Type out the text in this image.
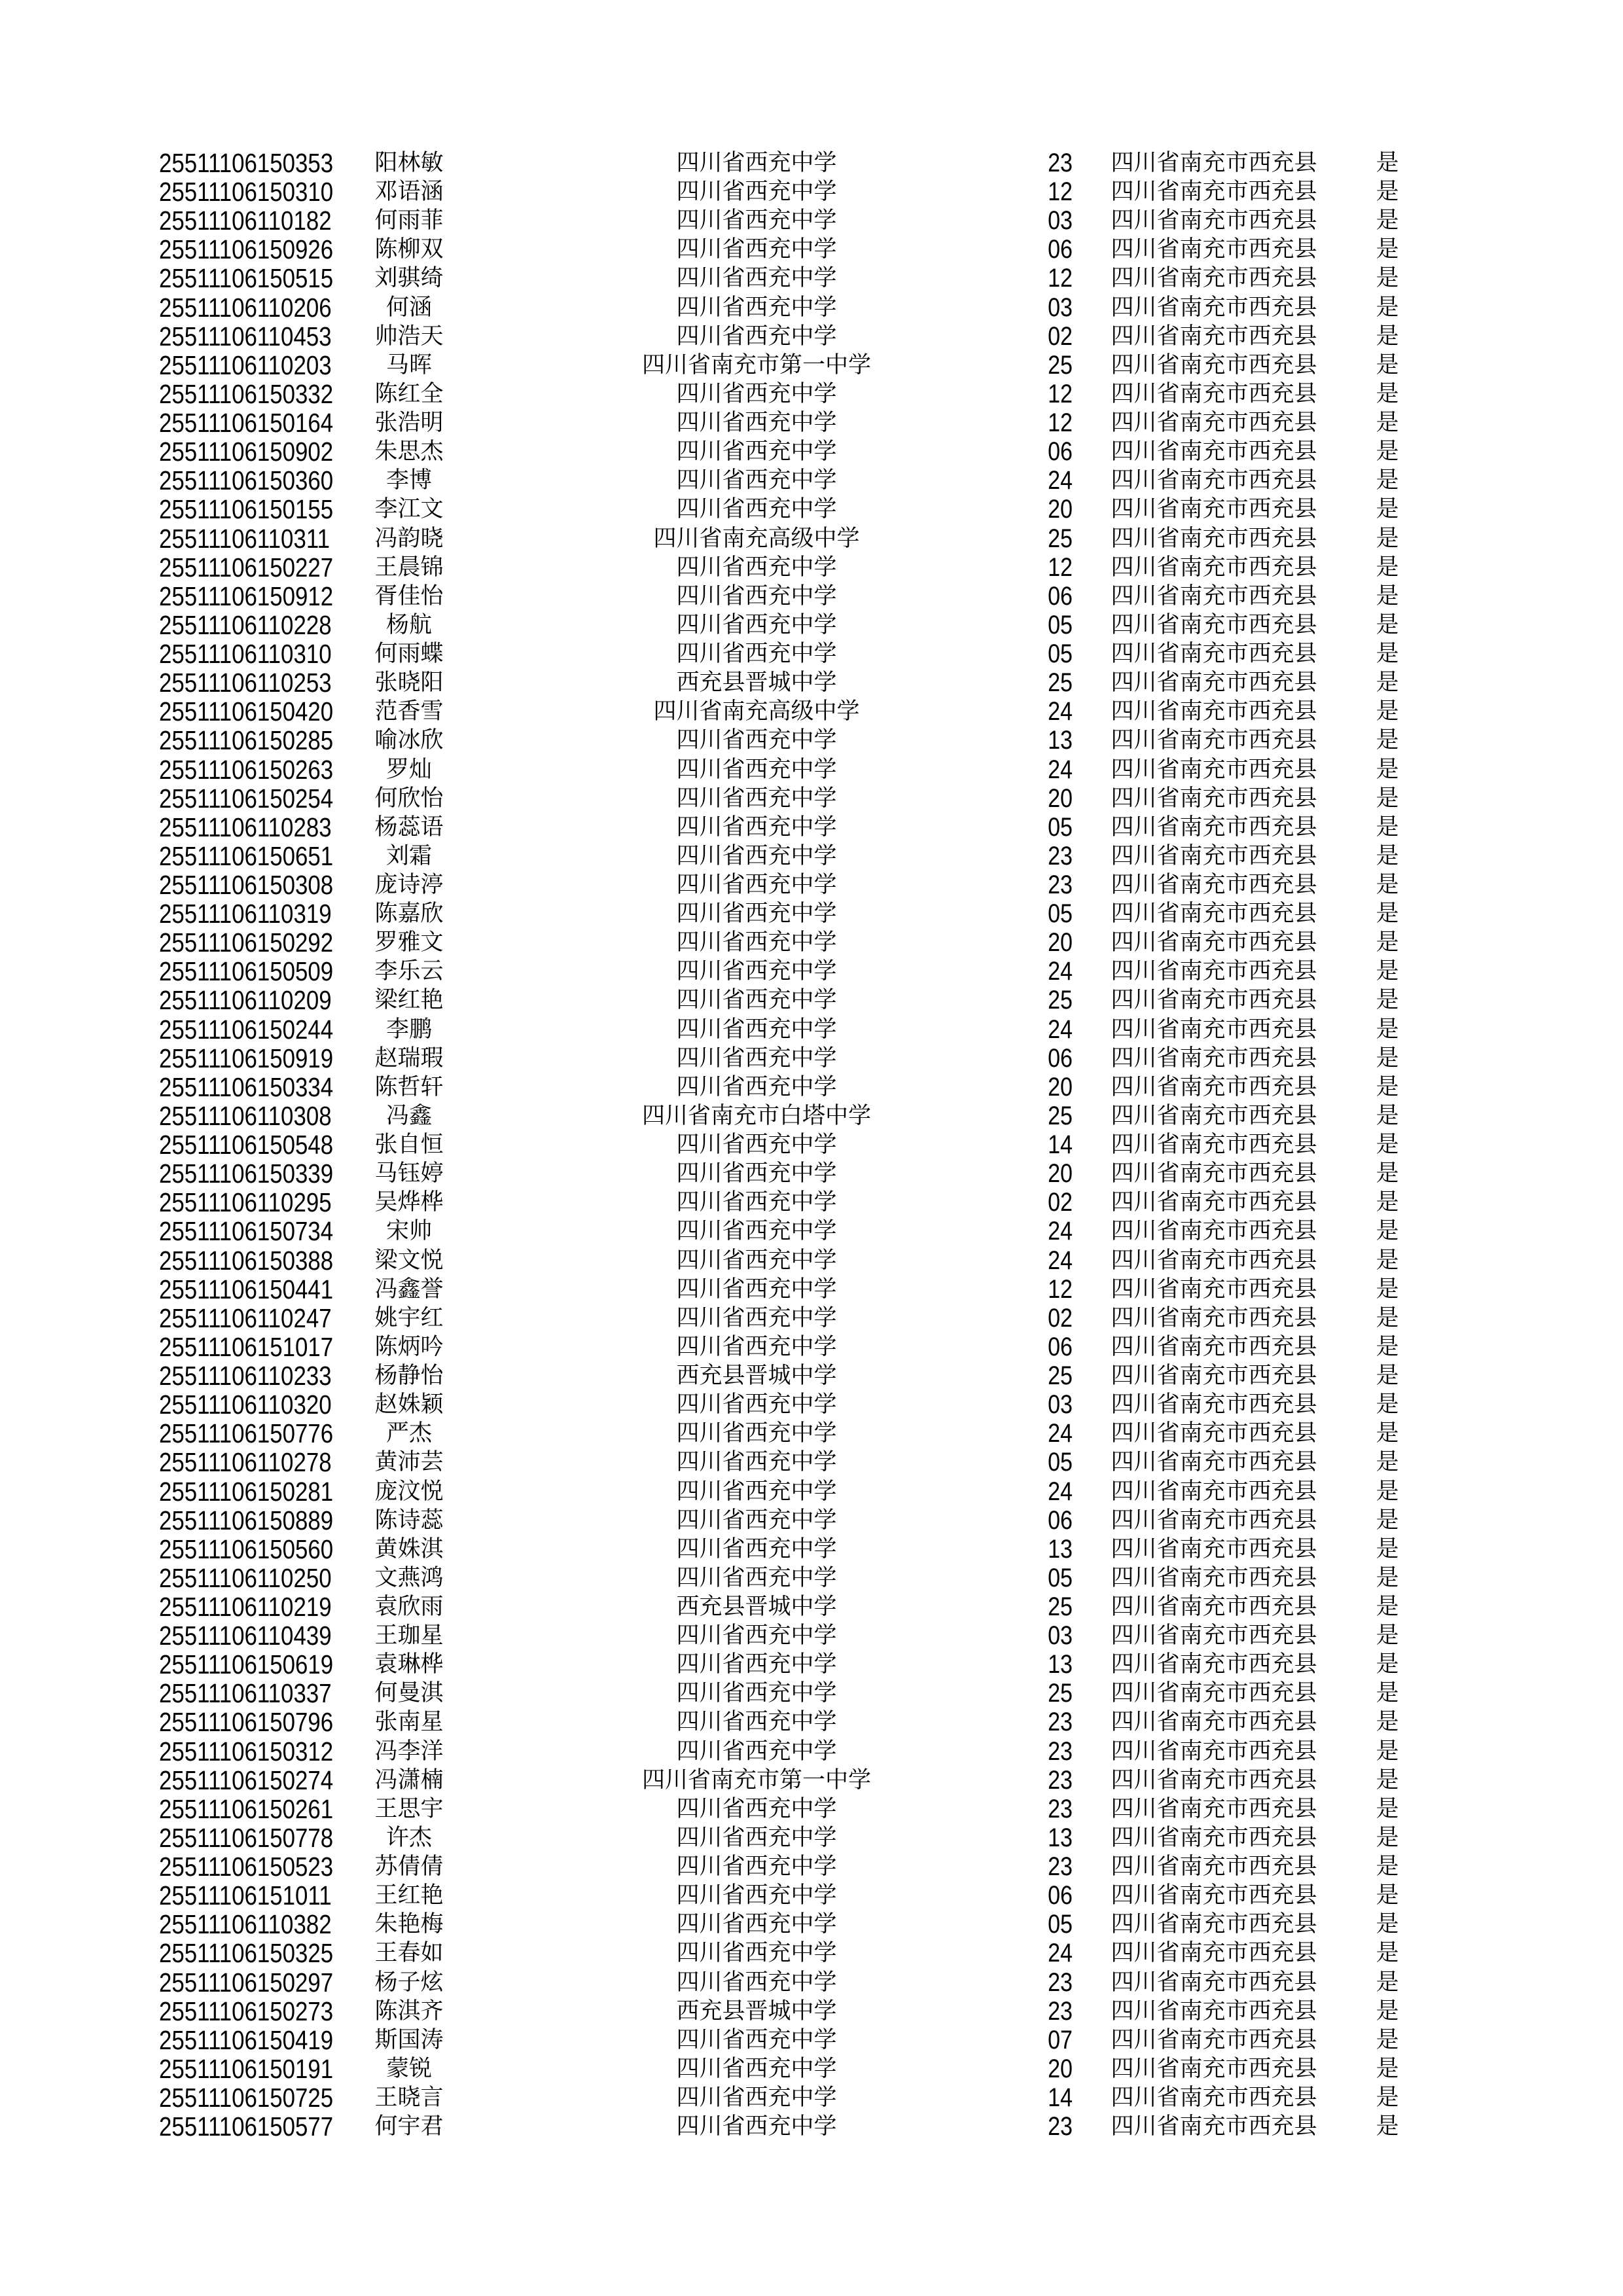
25511106150353	阳林敏	四川省西充中学	23	四川省南充市西充县	是
25511106150310	邓语涵	四川省西充中学	12	四川省南充市西充县	是
25511106110182	何雨菲	四川省西充中学	03	四川省南充市西充县	是
25511106150926	陈柳双	四川省西充中学	06	四川省南充市西充县	是
25511106150515	刘骐绮	四川省西充中学	12	四川省南充市西充县	是
25511106110206	何涵	四川省西充中学	03	四川省南充市西充县	是
25511106110453	帅浩天	四川省西充中学	02	四川省南充市西充县	是
25511106110203	马晖	四川省南充市第一中学	25	四川省南充市西充县	是
25511106150332	陈红全	四川省西充中学	12	四川省南充市西充县	是
25511106150164	张浩明	四川省西充中学	12	四川省南充市西充县	是
25511106150902	朱思杰	四川省西充中学	06	四川省南充市西充县	是
25511106150360	李博	四川省西充中学	24	四川省南充市西充县	是
25511106150155	李江文	四川省西充中学	20	四川省南充市西充县	是
25511106110311	冯韵晓	四川省南充高级中学	25	四川省南充市西充县	是
25511106150227	王晨锦	四川省西充中学	12	四川省南充市西充县	是
25511106150912	胥佳怡	四川省西充中学	06	四川省南充市西充县	是
25511106110228	杨航	四川省西充中学	05	四川省南充市西充县	是
25511106110310	何雨蝶	四川省西充中学	05	四川省南充市西充县	是
25511106110253	张晓阳	西充县晋城中学	25	四川省南充市西充县	是
25511106150420	范香雪	四川省南充高级中学	24	四川省南充市西充县	是
25511106150285	喻冰欣	四川省西充中学	13	四川省南充市西充县	是
25511106150263	罗灿	四川省西充中学	24	四川省南充市西充县	是
25511106150254	何欣怡	四川省西充中学	20	四川省南充市西充县	是
25511106110283	杨蕊语	四川省西充中学	05	四川省南充市西充县	是
25511106150651	刘霜	四川省西充中学	23	四川省南充市西充县	是
25511106150308	庞诗渟	四川省西充中学	23	四川省南充市西充县	是
25511106110319	陈嘉欣	四川省西充中学	05	四川省南充市西充县	是
25511106150292	罗雅文	四川省西充中学	20	四川省南充市西充县	是
25511106150509	李乐云	四川省西充中学	24	四川省南充市西充县	是
25511106110209	梁红艳	四川省西充中学	25	四川省南充市西充县	是
25511106150244	李鹏	四川省西充中学	24	四川省南充市西充县	是
25511106150919	赵瑞瑕	四川省西充中学	06	四川省南充市西充县	是
25511106150334	陈哲轩	四川省西充中学	20	四川省南充市西充县	是
25511106110308	冯鑫	四川省南充市白塔中学	25	四川省南充市西充县	是
25511106150548	张自恒	四川省西充中学	14	四川省南充市西充县	是
25511106150339	马钰婷	四川省西充中学	20	四川省南充市西充县	是
25511106110295	吴烨桦	四川省西充中学	02	四川省南充市西充县	是
25511106150734	宋帅	四川省西充中学	24	四川省南充市西充县	是
25511106150388	梁文悦	四川省西充中学	24	四川省南充市西充县	是
25511106150441	冯鑫誉	四川省西充中学	12	四川省南充市西充县	是
25511106110247	姚宇红	四川省西充中学	02	四川省南充市西充县	是
25511106151017	陈炳吟	四川省西充中学	06	四川省南充市西充县	是
25511106110233	杨静怡	西充县晋城中学	25	四川省南充市西充县	是
25511106110320	赵姝颖	四川省西充中学	03	四川省南充市西充县	是
25511106150776	严杰	四川省西充中学	24	四川省南充市西充县	是
25511106110278	黄沛芸	四川省西充中学	05	四川省南充市西充县	是
25511106150281	庞汶悦	四川省西充中学	24	四川省南充市西充县	是
25511106150889	陈诗蕊	四川省西充中学	06	四川省南充市西充县	是
25511106150560	黄姝淇	四川省西充中学	13	四川省南充市西充县	是
25511106110250	文燕鸿	四川省西充中学	05	四川省南充市西充县	是
25511106110219	袁欣雨	西充县晋城中学	25	四川省南充市西充县	是
25511106110439	王珈星	四川省西充中学	03	四川省南充市西充县	是
25511106150619	袁琳桦	四川省西充中学	13	四川省南充市西充县	是
25511106110337	何曼淇	四川省西充中学	25	四川省南充市西充县	是
25511106150796	张南星	四川省西充中学	23	四川省南充市西充县	是
25511106150312	冯李洋	四川省西充中学	23	四川省南充市西充县	是
25511106150274	冯潇楠	四川省南充市第一中学	23	四川省南充市西充县	是
25511106150261	王思宇	四川省西充中学	23	四川省南充市西充县	是
25511106150778	许杰	四川省西充中学	13	四川省南充市西充县	是
25511106150523	苏倩倩	四川省西充中学	23	四川省南充市西充县	是
25511106151011	王红艳	四川省西充中学	06	四川省南充市西充县	是
25511106110382	朱艳梅	四川省西充中学	05	四川省南充市西充县	是
25511106150325	王春如	四川省西充中学	24	四川省南充市西充县	是
25511106150297	杨子炫	四川省西充中学	23	四川省南充市西充县	是
25511106150273	陈淇齐	西充县晋城中学	23	四川省南充市西充县	是
25511106150419	斯国涛	四川省西充中学	07	四川省南充市西充县	是
25511106150191	蒙锐	四川省西充中学	20	四川省南充市西充县	是
25511106150725	王晓言	四川省西充中学	14	四川省南充市西充县	是
25511106150577	何宇君	四川省西充中学	23	四川省南充市西充县	是
